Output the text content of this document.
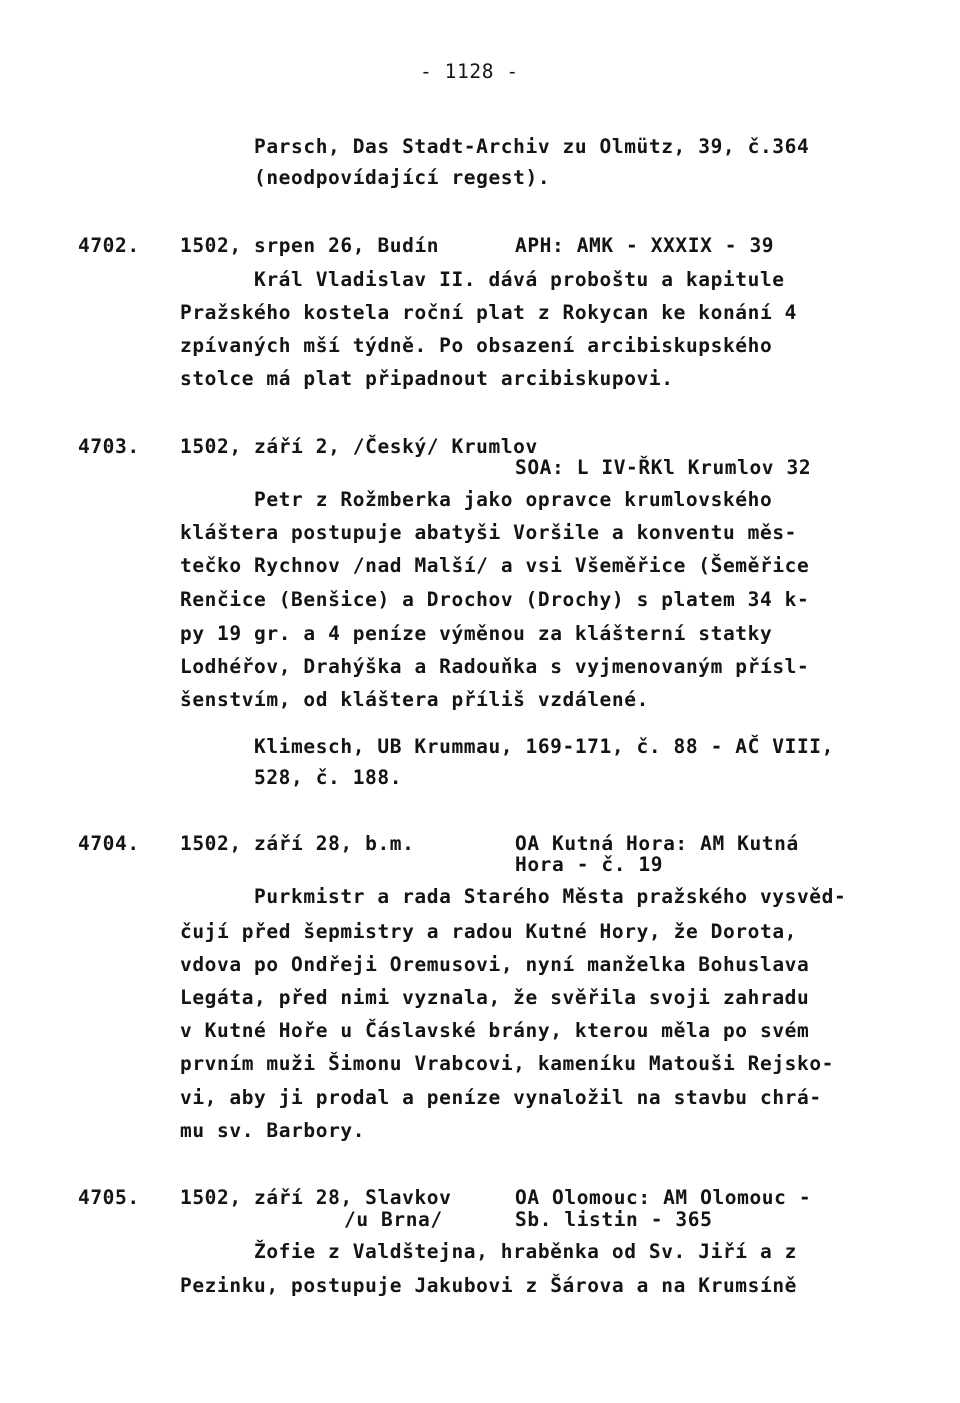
- 1128 -
Parsch, Das Stadt-Archiv zu Olmütz, 39, č.364
(neodpovídající regest).
4702. 1502, srpen 26, Budín	APH: AMK - XXXIX - 39
Král Vladislav II. dává proboštu a kapitule
Pražského kostela roční plat z Rokycan ke konání 4
zpívaných mší týdně. Po obsazení arcibiskupského
stolce má plat připadnout arcibiskupovi.
4703. 1502, září 2, /Český/ Krumlov
SOA: L IV-ŘKl Krumlov 32
Petr z Rožmberka jako opravce krumlovského
kláštera postupuje abatyši Voršile a konventu měs-
tečko Rychnov /nad Malší/ a vsi Všeměřice (Šeměřice
Renčice (Benšice) a Drochov (Drochy) s platem 34 k-
py 19 gr. a 4 peníze výměnou za klášterní statky
Lodhéřov, Drahýška a Radouňka s vyjmenovaným přísl-
šenstvím, od kláštera příliš vzdálené.
Klimesch, UB Krummau, 169-171, č. 88 - AČ VIII,
528, č. 188.
4704. 1502, září 28, b.m.	OA Kutná Hora: AM Kutná
Hora - č. 19
Purkmistr a rada Starého Města pražského vysvěd-
čují před šepmistry a radou Kutné Hory, že Dorota,
vdova po Ondřeji Oremusovi, nyní manželka Bohuslava
Legáta, před nimi vyznala, že svěřila svoji zahradu
v Kutné Hoře u Čáslavské brány, kterou měla po svém
prvním muži Šimonu Vrabcovi, kameníku Matouši Rejsko-
vi, aby ji prodal a peníze vynaložil na stavbu chrá-
mu sv. Barbory.
4705. 1502, září 28, Slavkov
/u Brna/
OA Olomouc: AM Olomouc -
Sb. listin - 365
Žofie z Valdštejna, hraběnka od Sv. Jiří a z
Pezinku, postupuje Jakubovi z Šárova a na Krumsíně
